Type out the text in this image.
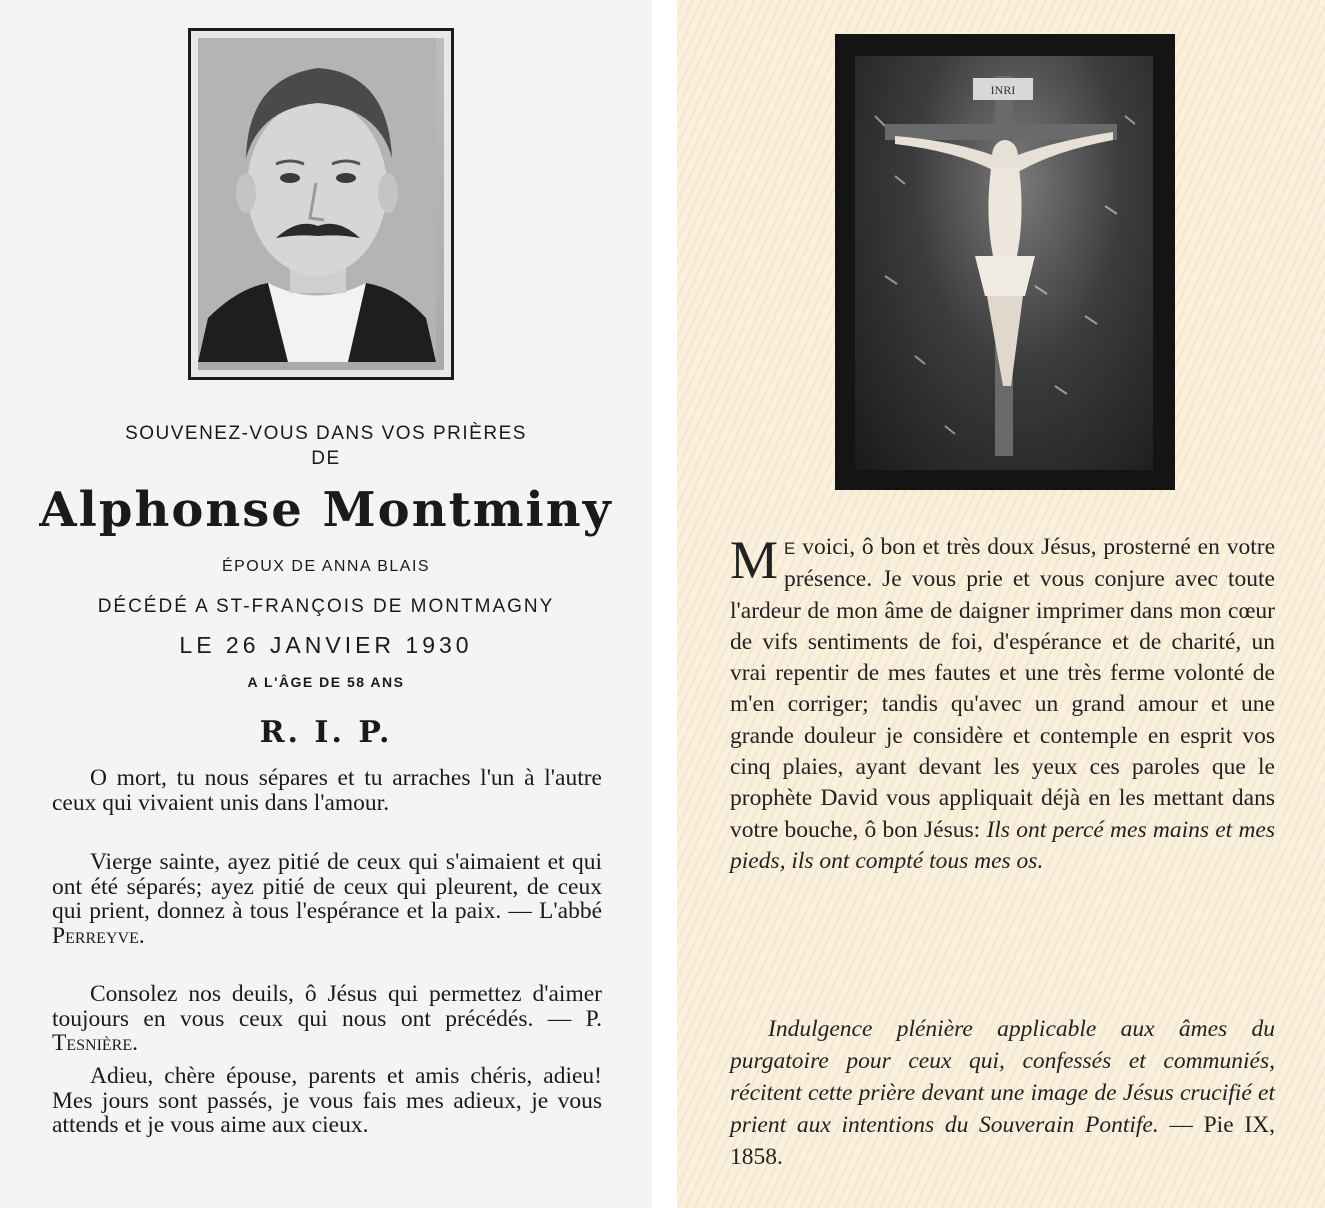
SOUVENEZ-VOUS DANS VOS PRIÈRES
DE
Alphonse Montminy
ÉPOUX DE ANNA BLAIS
DÉCÉDÉ A ST-FRANÇOIS DE MONTMAGNY
LE 26 JANVIER 1930
A L'ÂGE DE 58 ANS
R. I. P.
O mort, tu nous sépares et tu arraches l'un à l'autre ceux qui vivaient unis dans l'amour.
Vierge sainte, ayez pitié de ceux qui s'aimaient et qui ont été séparés; ayez pitié de ceux qui pleurent, de ceux qui prient, donnez à tous l'espérance et la paix. — L'abbé Perreyve.
Consolez nos deuils, ô Jésus qui permettez d'aimer toujours en vous ceux qui nous ont précédés. — P. Tesnière.
Adieu, chère épouse, parents et amis chéris, adieu! Mes jours sont passés, je vous fais mes adieux, je vous attends et je vous aime aux cieux.
INRI
M E voici, ô bon et très doux Jésus, prosterné en votre présence. Je vous prie et vous conjure avec toute l'ardeur de mon âme de daigner imprimer dans mon cœur de vifs sentiments de foi, d'espérance et de charité, un vrai repentir de mes fautes et une très ferme volonté de m'en corriger; tandis qu'avec un grand amour et une grande douleur je considère et contemple en esprit vos cinq plaies, ayant devant les yeux ces paroles que le prophète David vous appliquait déjà en les mettant dans votre bouche, ô bon Jésus: Ils ont percé mes mains et mes pieds, ils ont compté tous mes os.
Indulgence plénière applicable aux âmes du purgatoire pour ceux qui, confessés et communiés, récitent cette prière devant une image de Jésus crucifié et prient aux intentions du Souverain Pontife. — Pie IX, 1858.
